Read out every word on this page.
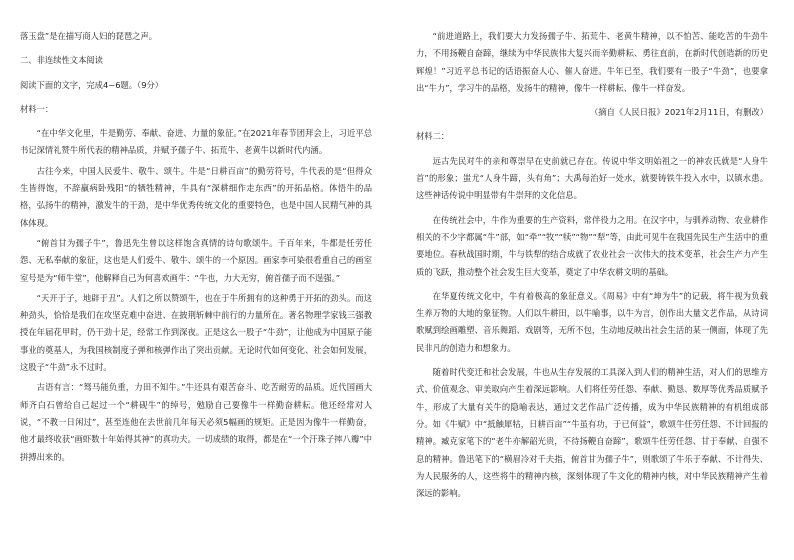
落玉盘”是在描写商人妇的琵琶之声。

二、非连续性文本阅读

阅读下面的文字，完成4~6题。（9分）

材料一：

“在中华文化里，牛是勤劳、奉献、奋进、力量的象征。”在2021年春节团拜会上，习近平总书记深情礼赞牛所代表的精神品质，并赋予孺子牛、拓荒牛、老黄牛以新时代内涵。

古往今来，中国人民爱牛、敬牛、颂牛。牛是“日耕百亩”的勤劳符号，牛代表的是“但得众生皆得饱，不辞羸病卧残阳”的牺牲精神，牛具有“深耕细作走东西”的开拓品格。体悟牛的品格，弘扬牛的精神，激发牛的干劲，是中华优秀传统文化的重要特色，也是中国人民精气神的具体体现。

“俯首甘为孺子牛”，鲁迅先生曾以这样饱含真情的诗句歌颂牛。千百年来，牛都是任劳任怨、无私奉献的象征，这也是人们爱牛、敬牛、颂牛的一个原因。画家李可染很看重自己的画室室号是为“师牛堂”，他解释自己为何喜欢画牛：“牛也，力大无穷，俯首孺子而不逞强。”

“天开于子，地辟于丑”。人们之所以赞颂牛，也在于牛所拥有的这种勇于开拓的劲头。而这种劲头，恰恰是我们在攻坚克难中奋进、在披荆斩棘中前行的力量所在。著名物理学家钱三强教授在年届花甲时，仍干劲十足，经常工作到深夜。正是这么一股子“牛劲”，让他成为中国原子能事业的奠基人，为我国核制度子弹和核弹作出了突出贡献。无论时代如何变化、社会如何发展，这股子“牛劲”永不过时。

古语有言：“驽马能负重，力田不知牛。”牛还具有艰苦奋斗、吃苦耐劳的品质。近代国画大师齐白石曾给自己起过一个“耕砚牛”的绰号，勉励自己要像牛一样勤奋耕耘。他还经常对人说，“不教一日闲过”，甚至连他在去世前几年每天必须5幅画的规矩。正是因为像牛一样勤奋，他才最终收获“画虾数十年始得其神”的真功夫。一切成绩的取得，都是在“一个汗珠子摔八瓣”中拼搏出来的。

“前进道路上，我们要大力发扬孺子牛、拓荒牛、老黄牛精神，以不怕苦、能吃苦的牛劲牛力，不用扬鞭自奋蹄，继续为中华民族伟大复兴而辛勤耕耘、勇往直前，在新时代创造新的历史辉煌！”习近平总书记的话语振奋人心、催人奋进。牛年已至，我们要有一股子“牛劲”，也要拿出“牛力”，学习牛的品格，发扬牛的精神，像牛一样耕耘、像牛一样奋发。

（摘自《人民日报》2021年2月11日，有删改）

材料二：

远古先民对牛的亲和尊崇早在史前就已存在。传说中华文明始祖之一的神农氏就是“人身牛首”的形象；蚩尤“人身牛蹄，头有角”；大禹每治好一处水，就要铸铁牛投入水中，以镇水患。这些神话传说中明显带有牛崇拜的文化信息。

在传统社会中，牛作为重要的生产资料，常伴役力之用。在汉字中，与驯养动物、农业耕作相关的不少字都属“牛”部，如“牵”“牧”“犊”“物”“犁”等，由此可见牛在我国先民生产生活中的重要地位。春秋战国时期，牛与铁犁的结合成就了农业社会一次伟大的技术变革，社会生产力产生质的飞跃，推动整个社会发生巨大变革，奠定了中华农耕文明的基础。

在华夏传统文化中，牛有着极高的象征意义。《周易》中有“坤为牛”的记载，将牛视为负载生养万物的大地的象征物。人们以牛耕田，以牛喻事，以牛为言，创作出大量文艺作品，从诗词歌赋到绘画雕塑、音乐舞蹈、戏剧等，无所不包，生动地反映出社会生活的某一侧面，体现了先民非凡的创造力和想象力。

随着时代变迁和社会发展，牛也从生存发展的工具深入到人们的精神生活，对人们的思维方式、价值观念、审美取向产生着深远影响。人们将任劳任怨、奉献、勤恳、数厚等优秀品质赋予牛，形成了大量有关牛的隐喻表达，通过文艺作品广泛传播，成为中华民族精神的有机组成部分。如《牛赋》中“抵触犀牯，日耕百亩”“牛虽有功，于已何益”，歌颂牛任劳任怨、不计回报的精神。臧克家笔下的“老牛亦解韶光贵，不待扬鞭自奋蹄”，歌颂牛任劳任怨、甘于奉献、自强不息的精神。鲁迅笔下的“横眉冷对千夫指，俯首甘为孺子牛”，则歌颂了牛乐于奉献、不计得失、为人民服务的人，这些将牛的精神内核，深刻体现了牛文化的精神内核，对中华民族精神产生着深远的影响。
